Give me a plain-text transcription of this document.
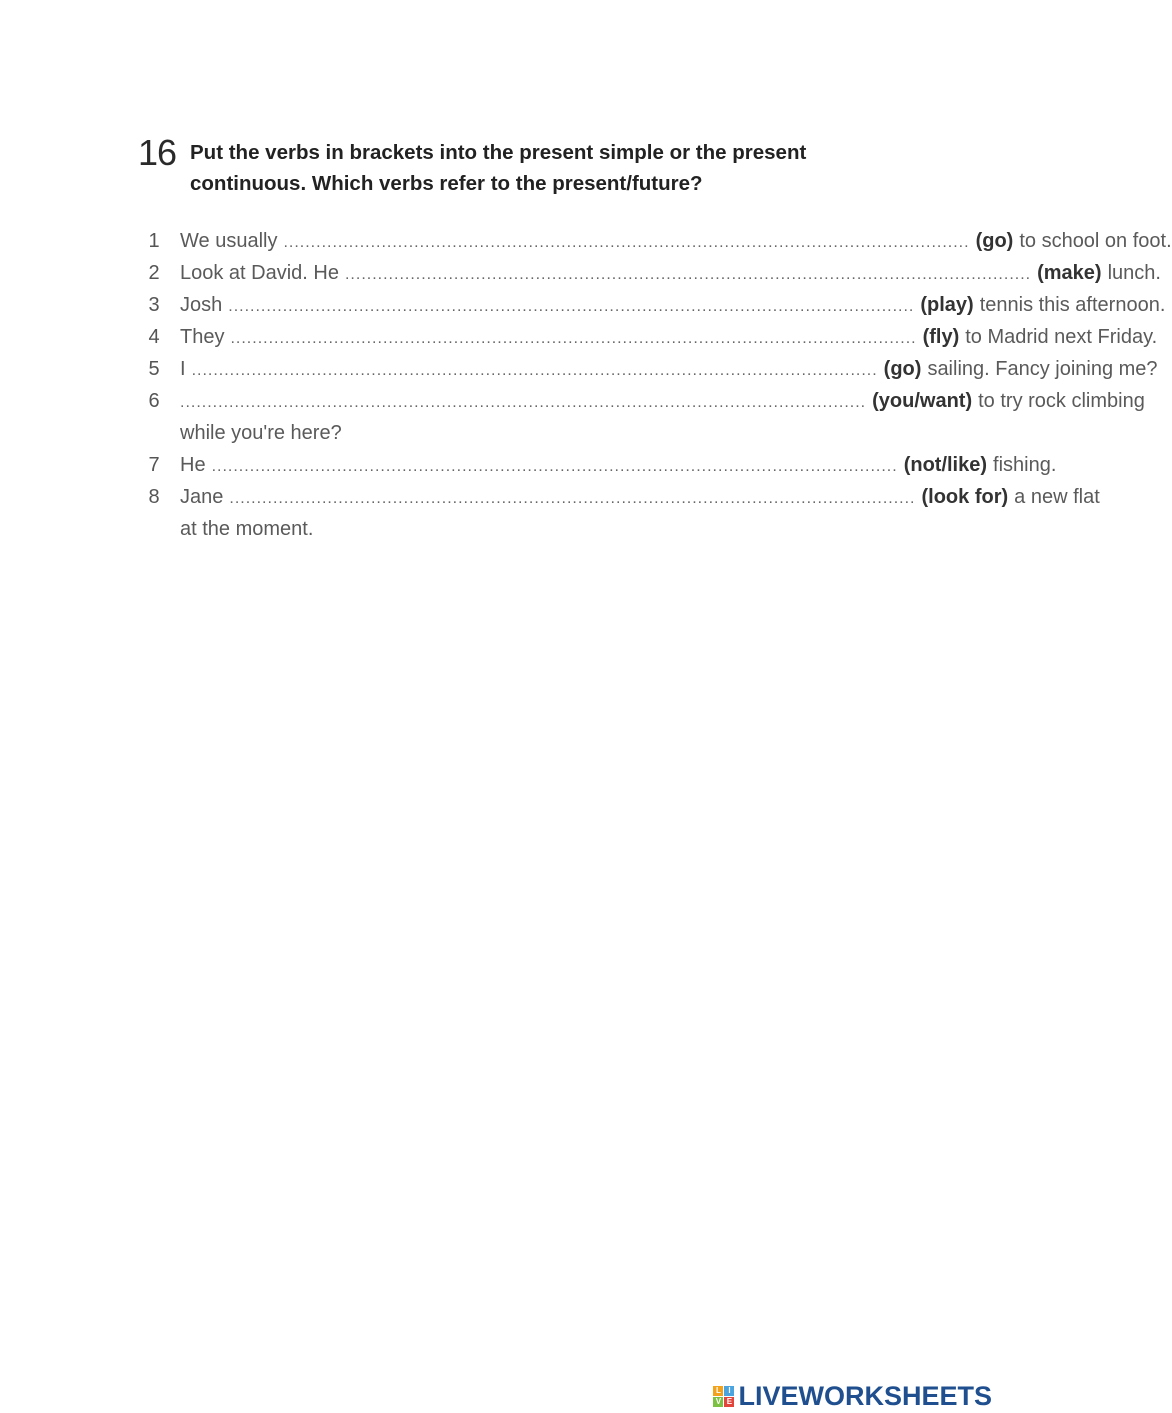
16 Put the verbs in brackets into the present simple or the present continuous. Which verbs refer to the present/future?
1 We usually .............................................................................................................................. (go) to school on foot.
2 Look at David. He .............................................................................................................................. (make) lunch.
3 Josh .............................................................................................................................. (play) tennis this afternoon.
4 They .............................................................................................................................. (fly) to Madrid next Friday.
5 I .............................................................................................................................. (go) sailing. Fancy joining me?
6 .............................................................................................................................. (you/want) to try rock climbing
while you're here?
7 He .............................................................................................................................. (not/like) fishing.
8 Jane .............................................................................................................................. (look for) a new flat
at the moment.
L I
V E LIVEWORKSHEETS
